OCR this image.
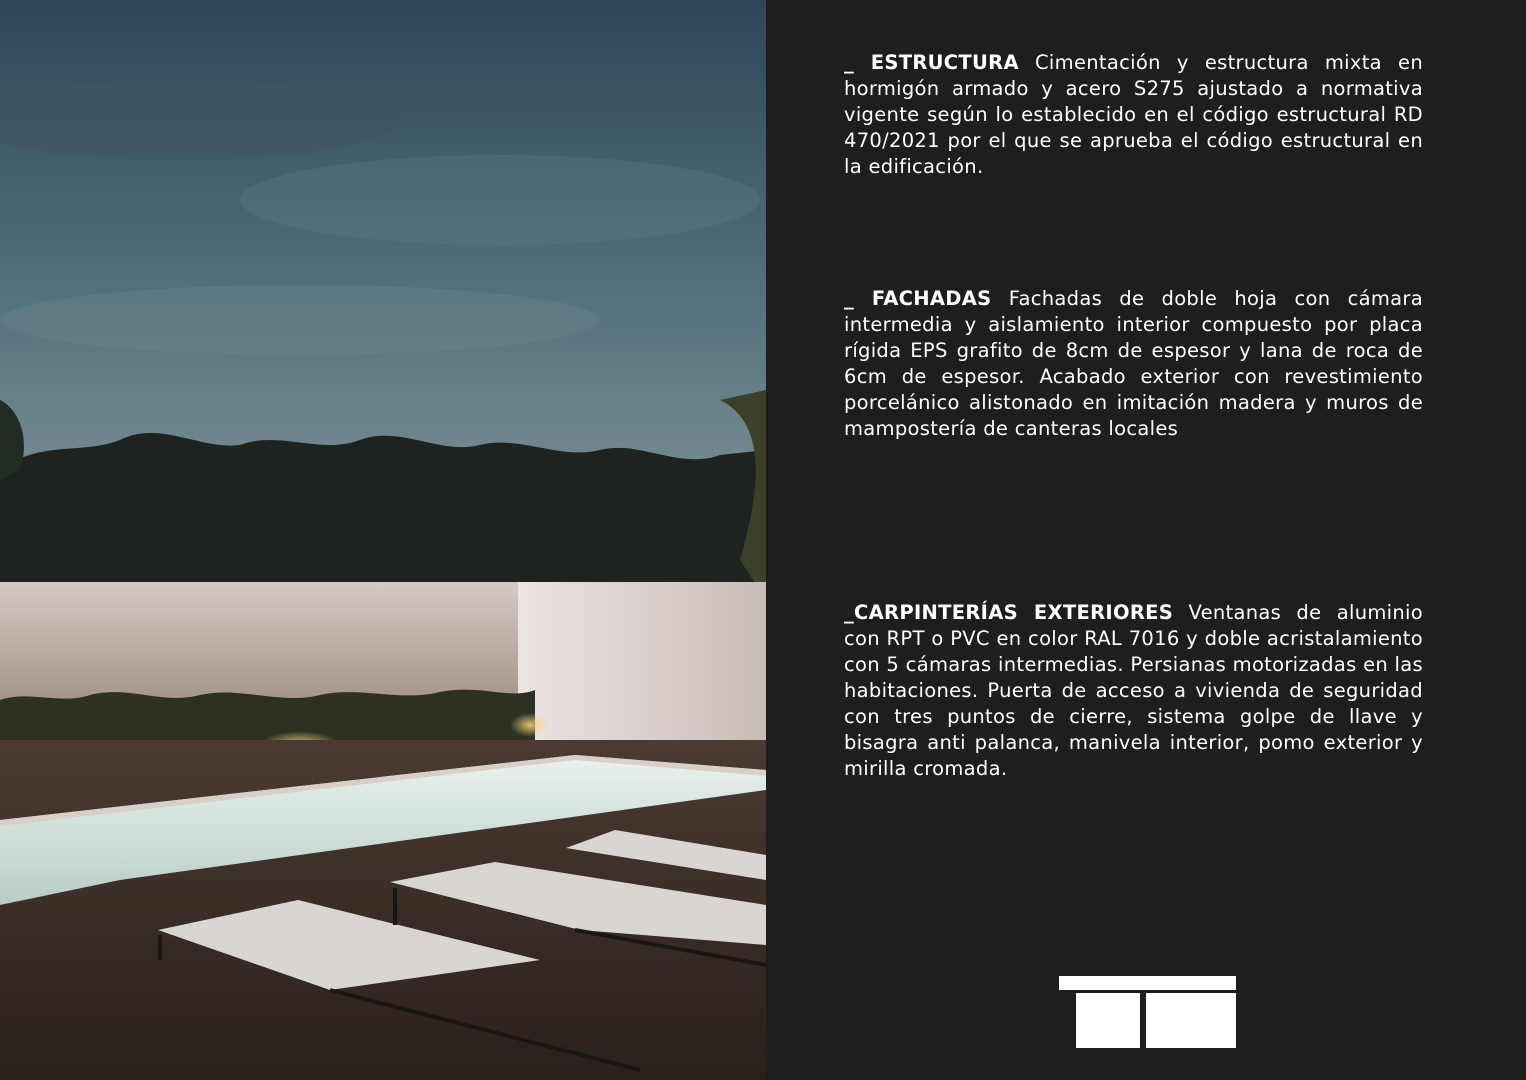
_ ESTRUCTURA Cimentación y estructura mixta en hormigón armado y acero S275 ajustado a normativa vigente según lo establecido en el código estructural RD 470/2021 por el que se aprueba el código estructural en la edificación.

_ FACHADAS Fachadas de doble hoja con cámara intermedia y aislamiento interior compuesto por placa rígida EPS grafito de 8cm de espesor y lana de roca de 6cm de espesor. Acabado exterior con revestimiento porcelánico alistonado en imitación madera y muros de mampostería de canteras locales

_CARPINTERÍAS EXTERIORES Ventanas de aluminio con RPT o PVC en color RAL 7016 y doble acristalamiento con 5 cámaras intermedias. Persianas motorizadas en las habitaciones. Puerta de acceso a vivienda de seguridad con tres puntos de cierre, sistema golpe de llave y bisagra anti palanca, manivela interior, pomo exterior y mirilla cromada.
